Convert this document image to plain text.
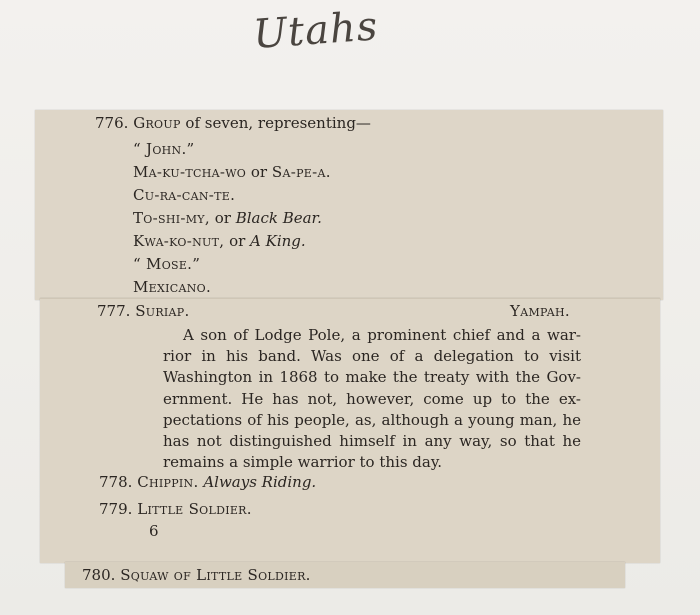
Utahs
776. Group of seven, representing—
“ John.”
Ma-ku-tcha-wo or Sa-pe-a.
Cu-ra-can-te.
To-shi-my, or Black Bear.
Kwa-ko-nut, or A King.
“ Mose.”
Mexicano.
777. Suriap.	Yampah.
A son of Lodge Pole, a prominent chief and a war-
rior in his band. Was one of a delegation to visit
Washington in 1868 to make the treaty with the Gov-
ernment. He has not, however, come up to the ex-
pectations of his people, as, although a young man, he
has not distinguished himself in any way, so that he
remains a simple warrior to this day.
778. Chippin. Always Riding.
779. Little Soldier.
6
780. Squaw of Little Soldier.
